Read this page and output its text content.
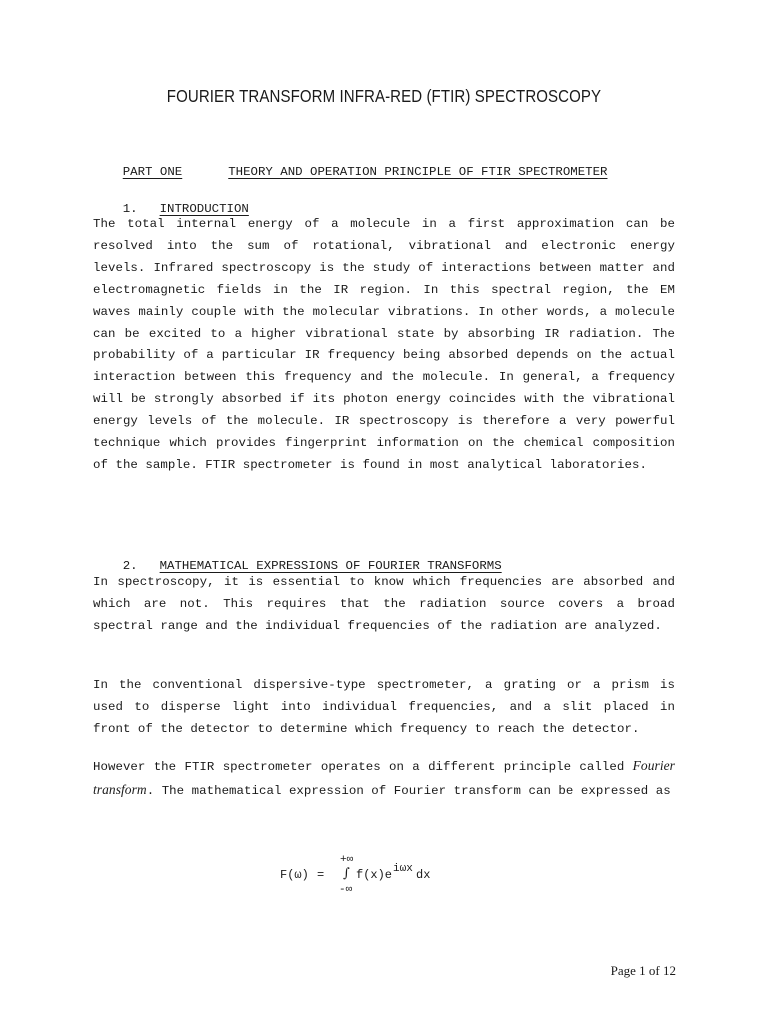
FOURIER TRANSFORM INFRA-RED (FTIR) SPECTROSCOPY

PART ONE	THEORY AND OPERATION PRINCIPLE OF FTIR SPECTROMETER

1. INTRODUCTION

The total internal energy of a molecule in a first approximation can be resolved into the sum of rotational, vibrational and electronic energy levels. Infrared spectroscopy is the study of interactions between matter and electromagnetic fields in the IR region. In this spectral region, the EM waves mainly couple with the molecular vibrations. In other words, a molecule can be excited to a higher vibrational state by absorbing IR radiation. The probability of a particular IR frequency being absorbed depends on the actual interaction between this frequency and the molecule. In general, a frequency will be strongly absorbed if its photon energy coincides with the vibrational energy levels of the molecule. IR spectroscopy is therefore a very powerful technique which provides fingerprint information on the chemical composition of the sample. FTIR spectrometer is found in most analytical laboratories.

2. MATHEMATICAL EXPRESSIONS OF FOURIER TRANSFORMS

In spectroscopy, it is essential to know which frequencies are absorbed and which are not. This requires that the radiation source covers a broad spectral range and the individual frequencies of the radiation are analyzed.

In the conventional dispersive-type spectrometer, a grating or a prism is used to disperse light into individual frequencies, and a slit placed in front of the detector to determine which frequency to reach the detector.

However the FTIR spectrometer operates on a different principle called Fourier transform. The mathematical expression of Fourier transform can be expressed as

F(ω) =
+∞
∫ f(x)e iωx dx
-∞
Page 1 of 12
